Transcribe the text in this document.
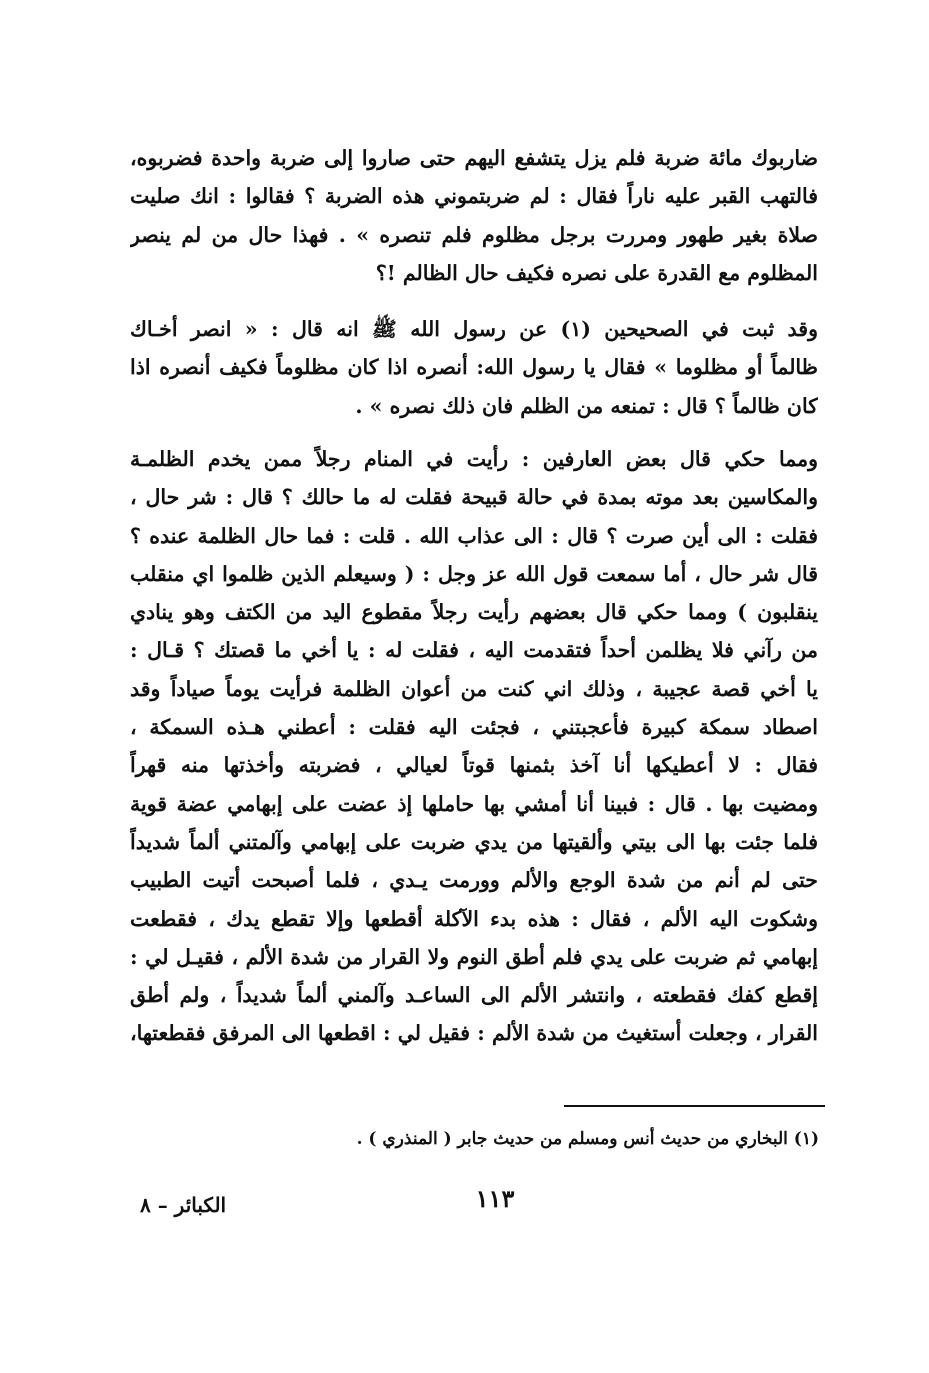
ضاربوك مائة ضربة فلم يزل يتشفع اليهم حتى صاروا إلى ضربة واحدة فضربوه،
فالتهب القبر عليه ناراً فقال : لم ضربتموني هذه الضربة ؟ فقالوا : انك صليت
صلاة بغير طهور ومررت برجل مظلوم فلم تنصره » . فهذا حال من لم ينصر
المظلوم مع القدرة على نصره فكيف حال الظالم !؟
وقد ثبت في الصحيحين (١) عن رسول الله ﷺ انه قال : « انصر أخـاك
ظالماً أو مظلوما » فقال يا رسول الله: أنصره اذا كان مظلوماً فكيف أنصره اذا
كان ظالماً ؟ قال : تمنعه من الظلم فان ذلك نصره » .
ومما حكي قال بعض العارفين : رأيت في المنام رجلاً ممن يخدم الظلمـة
والمكاسين بعد موته بمدة في حالة قبيحة فقلت له ما حالك ؟ قال : شر حال ،
فقلت : الى أين صرت ؟ قال : الى عذاب الله . قلت : فما حال الظلمة عنده ؟
قال شر حال ، أما سمعت قول الله عز وجل : ( وسيعلم الذين ظلموا اي منقلب
ينقلبون ) ومما حكي قال بعضهم رأيت رجلاً مقطوع اليد من الكتف وهو ينادي
من رآني فلا يظلمن أحداً فتقدمت اليه ، فقلت له : يا أخي ما قصتك ؟ قـال :
يا أخي قصة عجيبة ، وذلك اني كنت من أعوان الظلمة فرأيت يوماً صياداً وقد
اصطاد سمكة كبيرة فأعجبتني ، فجئت اليه فقلت : أعطني هـذه السمكة ،
فقال : لا أعطيكها أنا آخذ بثمنها قوتاً لعيالي ، فضربته وأخذتها منه قهراً
ومضيت بها . قال : فبينا أنا أمشي بها حاملها إذ عضت على إبهامي عضة قوية
فلما جئت بها الى بيتي وألقيتها من يدي ضربت على إبهامي وآلمتني ألماً شديداً
حتى لم أنم من شدة الوجع والألم وورمت يـدي ، فلما أصبحت أتيت الطبيب
وشكوت اليه الألم ، فقال : هذه بدء الآكلة أقطعها وإلا تقطع يدك ، فقطعت
إبهامي ثم ضربت على يدي فلم أطق النوم ولا القرار من شدة الألم ، فقيـل لي :
إقطع كفك فقطعته ، وانتشر الألم الى الساعـد وآلمني ألماً شديداً ، ولم أطق
القرار ، وجعلت أستغيث من شدة الألم : فقيل لي : اقطعها الى المرفق فقطعتها،
(١) البخاري من حديث أنس ومسلم من حديث جابر ( المنذري ) .
١١٣
الكبائر – ٨
